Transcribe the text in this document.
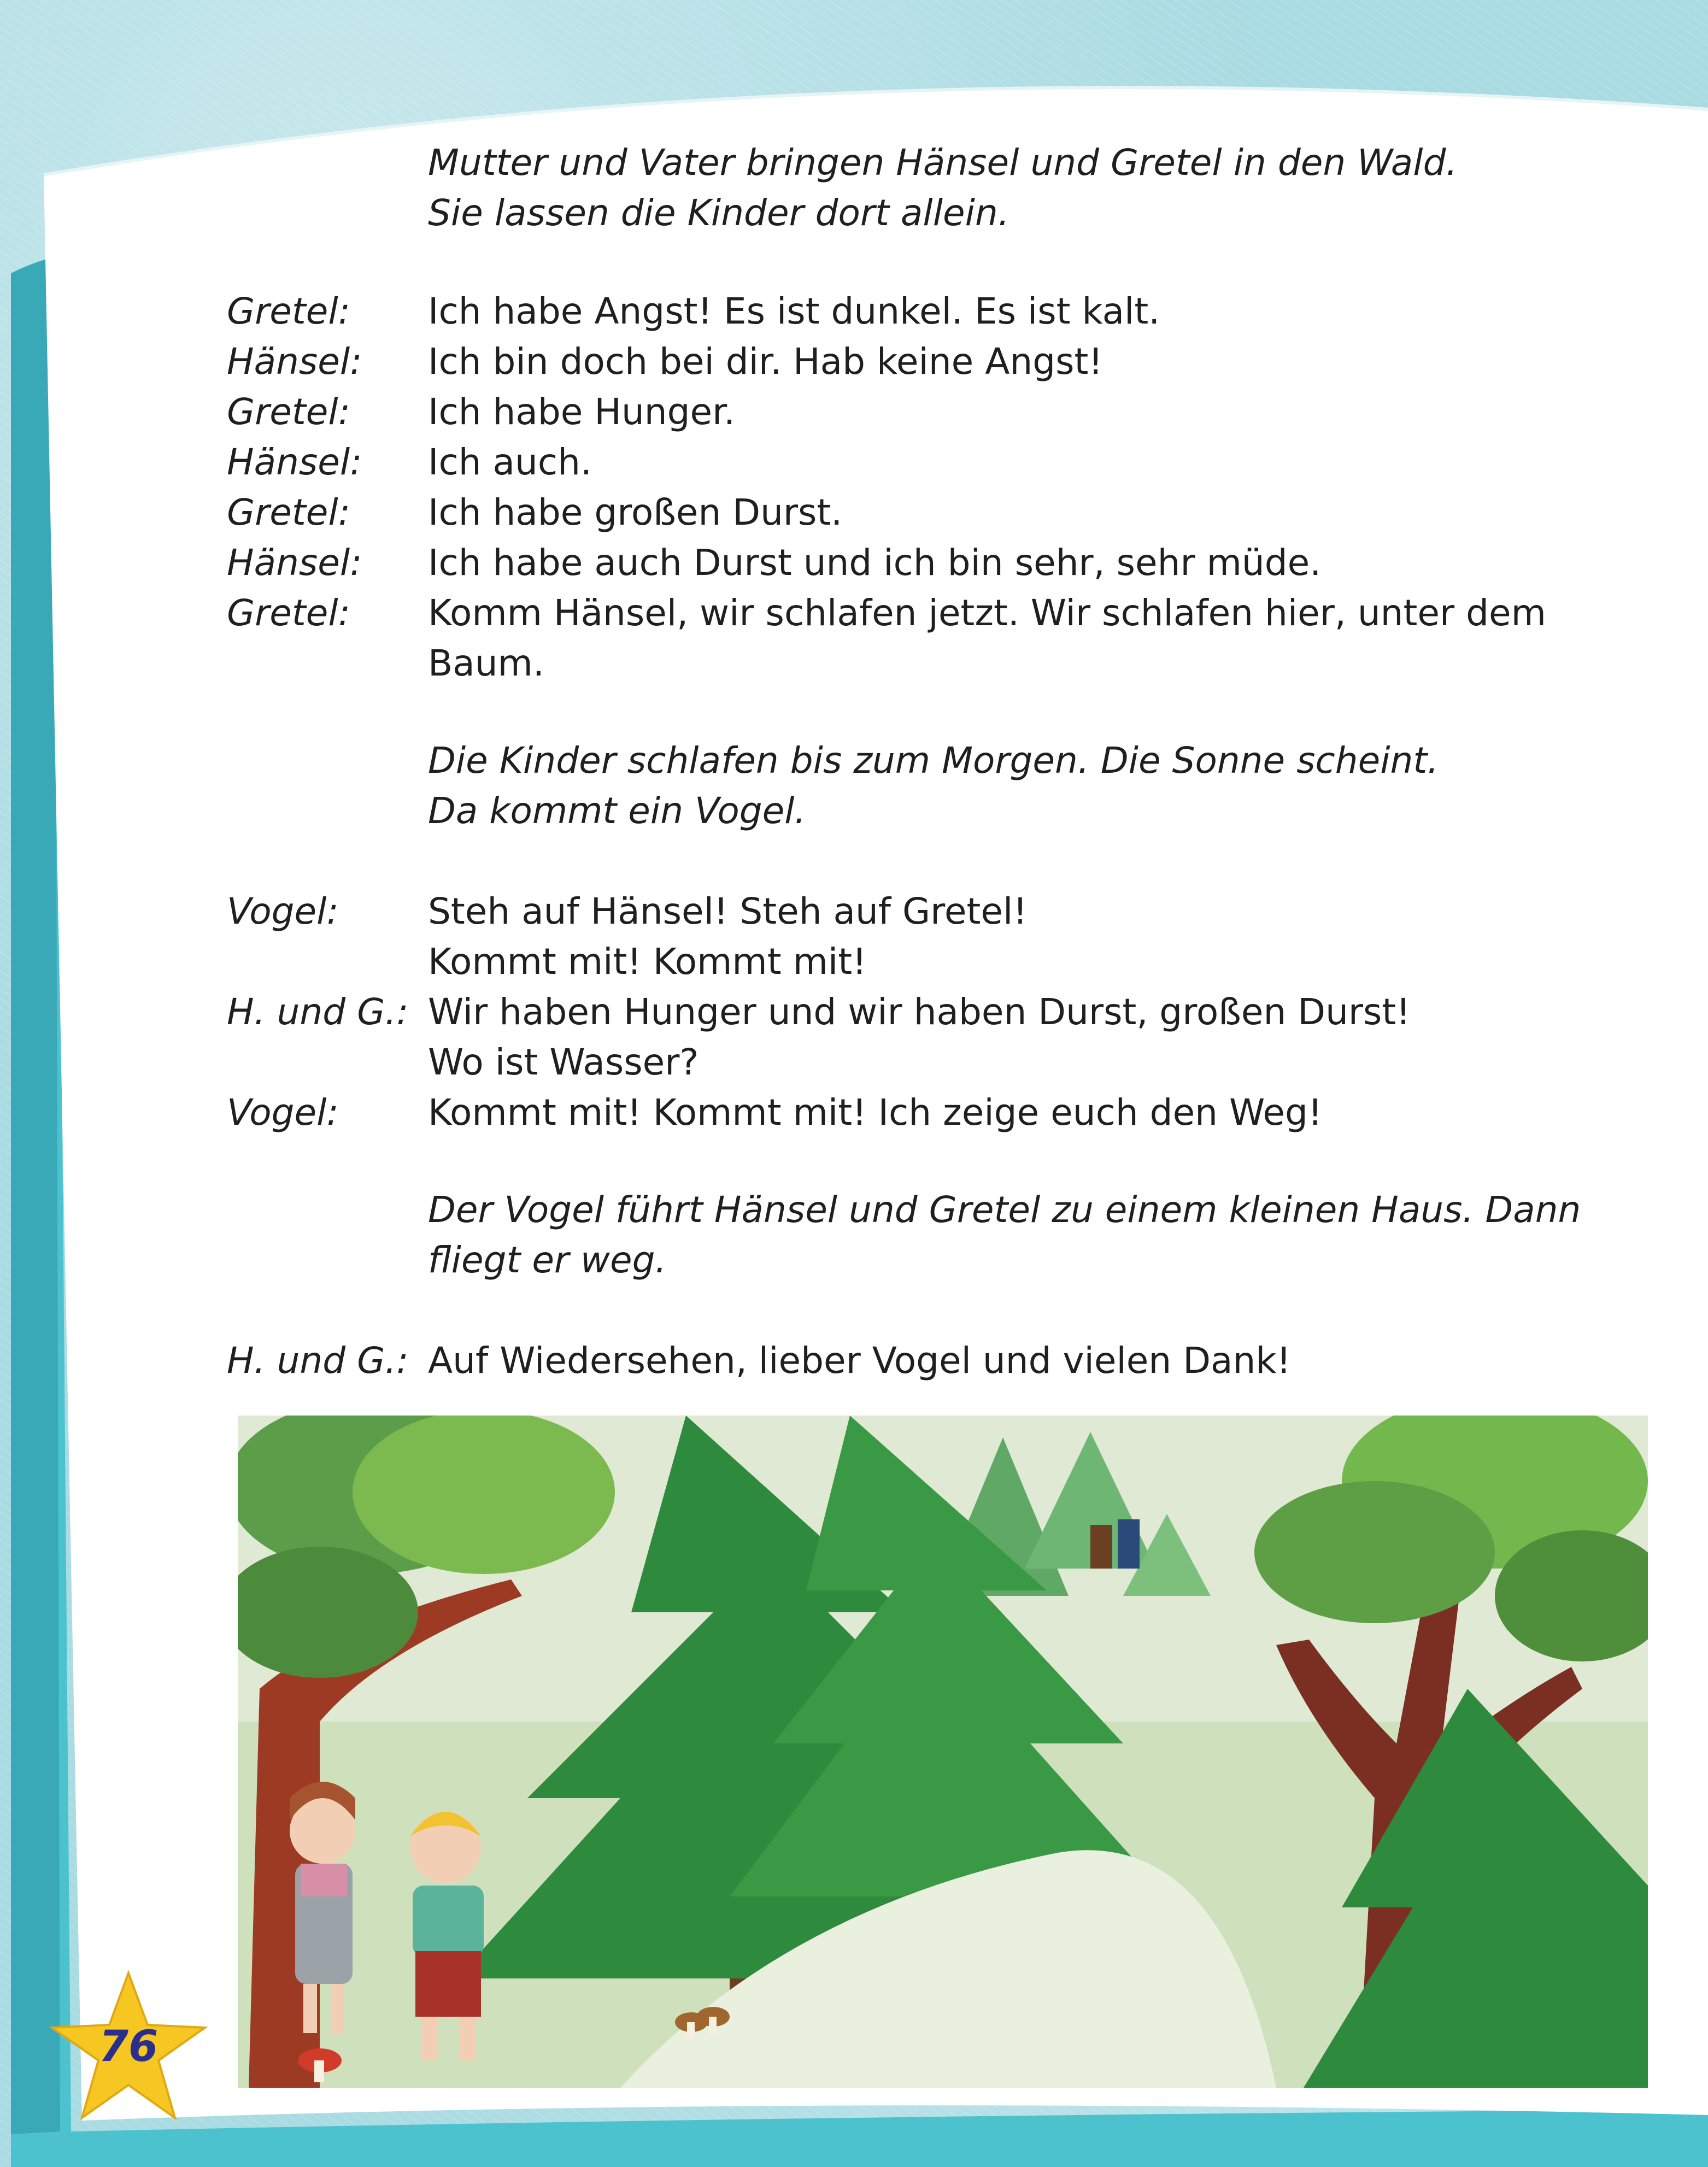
Mutter und Vater bringen Hänsel und Gretel in den Wald.
Sie lassen die Kinder dort allein.
Gretel: Ich habe Angst! Es ist dunkel. Es ist kalt.
Hänsel: Ich bin doch bei dir. Hab keine Angst!
Gretel: Ich habe Hunger.
Hänsel: Ich auch.
Gretel: Ich habe großen Durst.
Hänsel: Ich habe auch Durst und ich bin sehr, sehr müde.
Gretel: Komm Hänsel, wir schlafen jetzt. Wir schlafen hier, unter dem
Baum.
Die Kinder schlafen bis zum Morgen. Die Sonne scheint.
Da kommt ein Vogel.
Vogel: Steh auf Hänsel! Steh auf Gretel!
Kommt mit! Kommt mit!
H. und G.: Wir haben Hunger und wir haben Durst, großen Durst!
Wo ist Wasser?
Vogel: Kommt mit! Kommt mit! Ich zeige euch den Weg!
Der Vogel führt Hänsel und Gretel zu einem kleinen Haus. Dann
fliegt er weg.
H. und G.: Auf Wiedersehen, lieber Vogel und vielen Dank!
76
